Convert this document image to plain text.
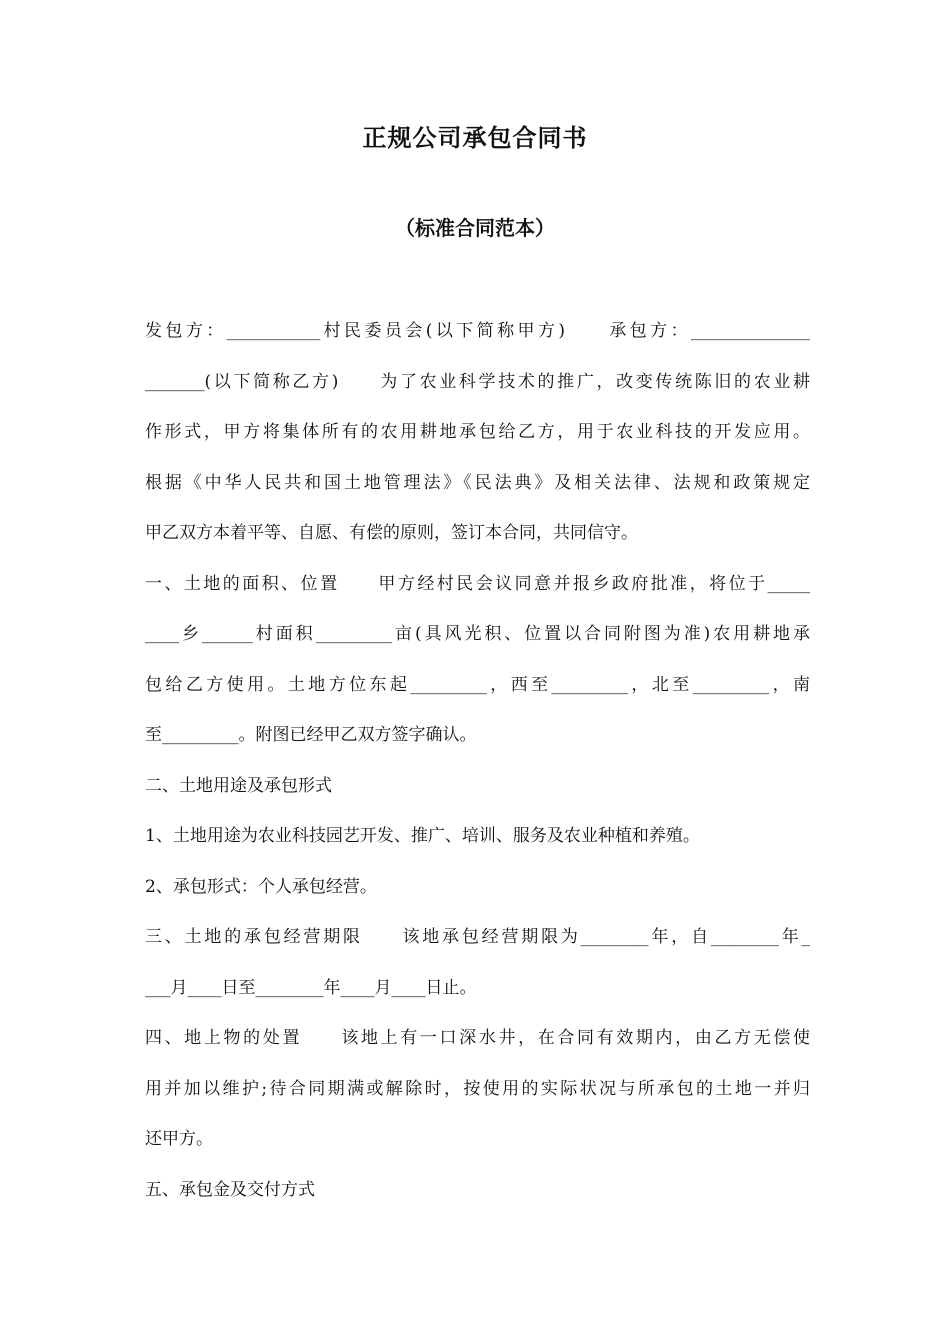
正规公司承包合同书
（标准合同范本）
发包方：___________村民委员会(以下简称甲方)　　承包方：______________
_______(以下简称乙方)　　为了农业科学技术的推广，改变传统陈旧的农业耕
作形式，甲方将集体所有的农用耕地承包给乙方，用于农业科技的开发应用。
根据《中华人民共和国土地管理法》《民法典》及相关法律、法规和政策规定
甲乙双方本着平等、自愿、有偿的原则，签订本合同，共同信守。
一、土地的面积、位置　　甲方经村民会议同意并报乡政府批准，将位于_____
____乡______村面积_________亩(具风光积、位置以合同附图为准)农用耕地承
包给乙方使用。土地方位东起_________，西至_________，北至_________，南
至_________。附图已经甲乙双方签字确认。
二、土地用途及承包形式
1、土地用途为农业科技园艺开发、推广、培训、服务及农业种植和养殖。
2、承包形式：个人承包经营。
三、土地的承包经营期限　　该地承包经营期限为________年，自________年_
___月____日至________年____月____日止。
四、地上物的处置　　该地上有一口深水井，在合同有效期内，由乙方无偿使
用并加以维护;待合同期满或解除时，按使用的实际状况与所承包的土地一并归
还甲方。
五、承包金及交付方式
